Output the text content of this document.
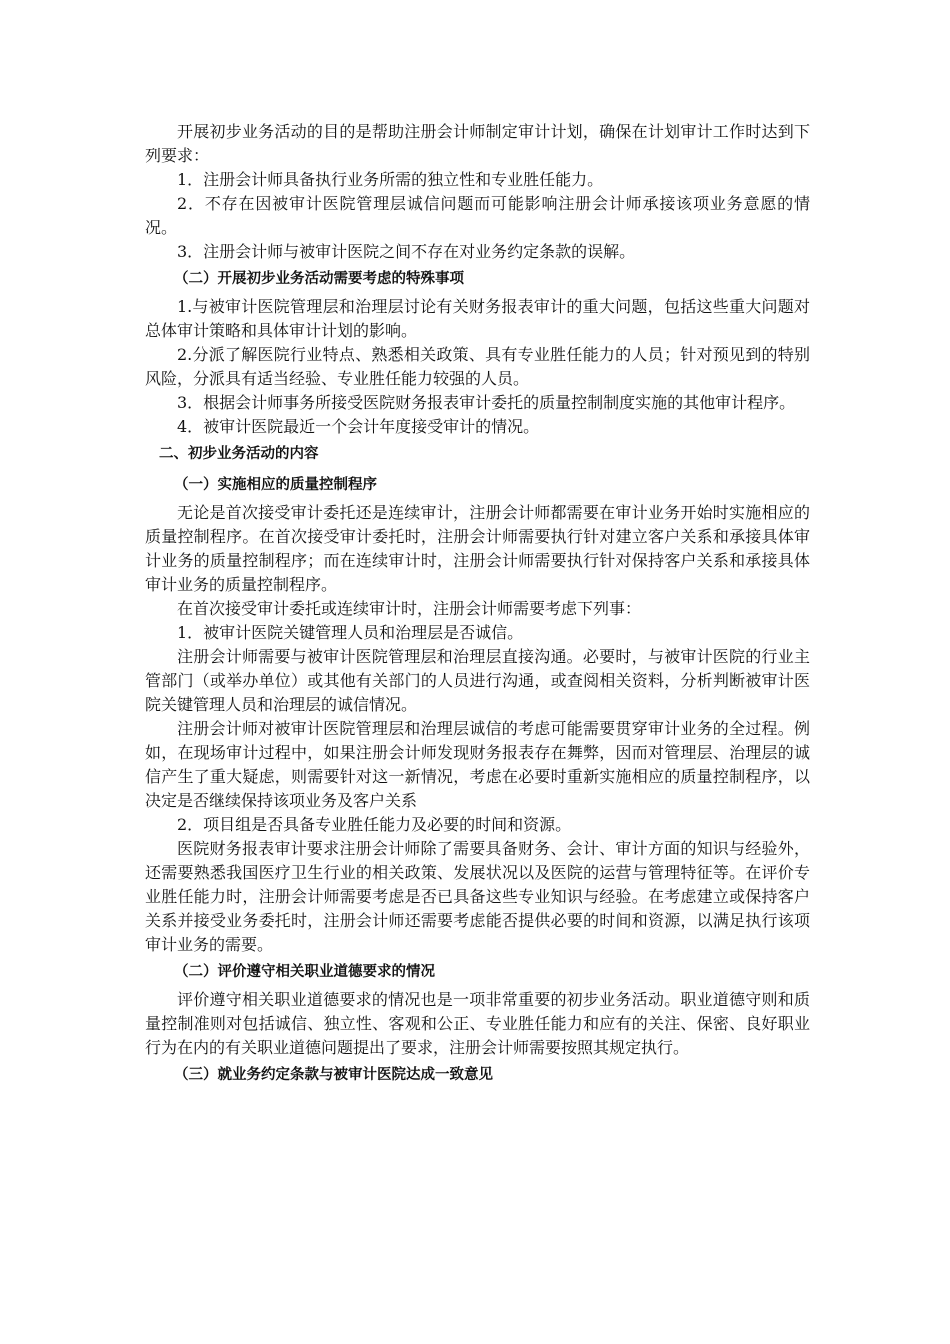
开展初步业务活动的目的是帮助注册会计师制定审计计划，确保在计划审计工作时达到下列要求：

1．注册会计师具备执行业务所需的独立性和专业胜任能力。

2．不存在因被审计医院管理层诚信问题而可能影响注册会计师承接该项业务意愿的情况。

3．注册会计师与被审计医院之间不存在对业务约定条款的误解。

（二）开展初步业务活动需要考虑的特殊事项

1.与被审计医院管理层和治理层讨论有关财务报表审计的重大问题，包括这些重大问题对总体审计策略和具体审计计划的影响。

2.分派了解医院行业特点、熟悉相关政策、具有专业胜任能力的人员；针对预见到的特别风险，分派具有适当经验、专业胜任能力较强的人员。

3．根据会计师事务所接受医院财务报表审计委托的质量控制制度实施的其他审计程序。

4．被审计医院最近一个会计年度接受审计的情况。

二、初步业务活动的内容
（一）实施相应的质量控制程序

无论是首次接受审计委托还是连续审计，注册会计师都需要在审计业务开始时实施相应的质量控制程序。在首次接受审计委托时，注册会计师需要执行针对建立客户关系和承接具体审计业务的质量控制程序；而在连续审计时，注册会计师需要执行针对保持客户关系和承接具体审计业务的质量控制程序。

在首次接受审计委托或连续审计时，注册会计师需要考虑下列事：

1．被审计医院关键管理人员和治理层是否诚信。

注册会计师需要与被审计医院管理层和治理层直接沟通。必要时，与被审计医院的行业主管部门（或举办单位）或其他有关部门的人员进行沟通，或查阅相关资料，分析判断被审计医院关键管理人员和治理层的诚信情况。

注册会计师对被审计医院管理层和治理层诚信的考虑可能需要贯穿审计业务的全过程。例如，在现场审计过程中，如果注册会计师发现财务报表存在舞弊，因而对管理层、治理层的诚信产生了重大疑虑，则需要针对这一新情况，考虑在必要时重新实施相应的质量控制程序，以决定是否继续保持该项业务及客户关系

2．项目组是否具备专业胜任能力及必要的时间和资源。

医院财务报表审计要求注册会计师除了需要具备财务、会计、审计方面的知识与经验外，还需要熟悉我国医疗卫生行业的相关政策、发展状况以及医院的运营与管理特征等。在评价专业胜任能力时，注册会计师需要考虑是否已具备这些专业知识与经验。在考虑建立或保持客户关系并接受业务委托时，注册会计师还需要考虑能否提供必要的时间和资源，以满足执行该项审计业务的需要。

（二）评价遵守相关职业道德要求的情况

评价遵守相关职业道德要求的情况也是一项非常重要的初步业务活动。职业道德守则和质量控制准则对包括诚信、独立性、客观和公正、专业胜任能力和应有的关注、保密、良好职业行为在内的有关职业道德问题提出了要求，注册会计师需要按照其规定执行。

（三）就业务约定条款与被审计医院达成一致意见
